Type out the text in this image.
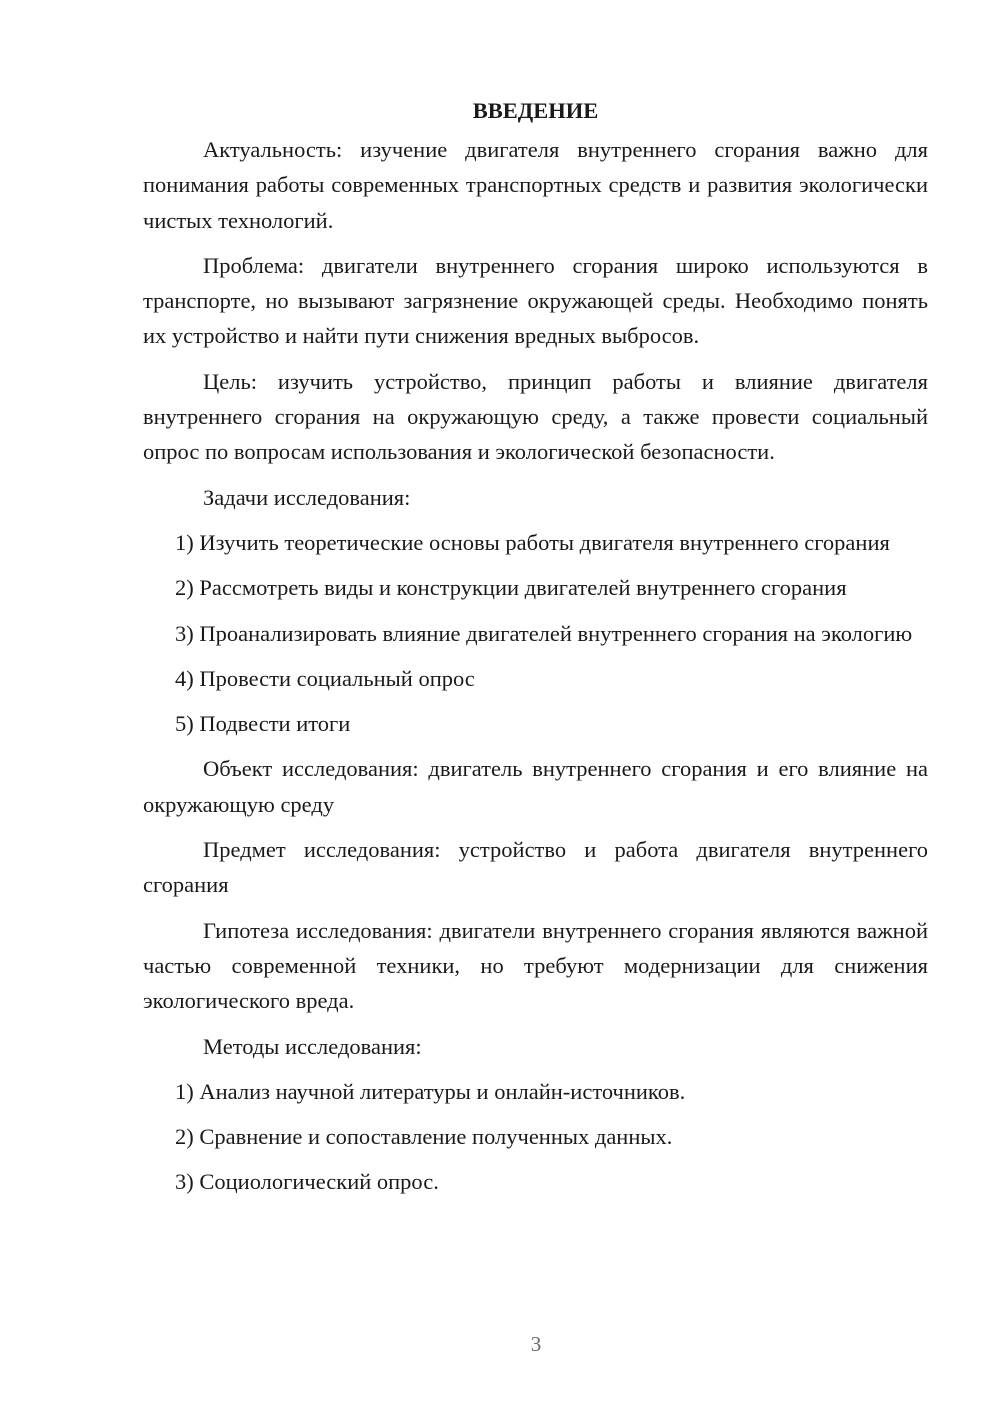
ВВЕДЕНИЕ

Актуальность: изучение двигателя внутреннего сгорания важно для понимания работы современных транспортных средств и развития экологически чистых технологий.

Проблема: двигатели внутреннего сгорания широко используются в транспорте, но вызывают загрязнение окружающей среды. Необходимо понять их устройство и найти пути снижения вредных выбросов.

Цель: изучить устройство, принцип работы и влияние двигателя внутреннего сгорания на окружающую среду, а также провести социальный опрос по вопросам использования и экологической безопасности.

Задачи исследования:

1) Изучить теоретические основы работы двигателя внутреннего сгорания

2) Рассмотреть виды и конструкции двигателей внутреннего сгорания

3) Проанализировать влияние двигателей внутреннего сгорания на экологию

4) Провести социальный опрос

5) Подвести итоги

Объект исследования: двигатель внутреннего сгорания и его влияние на окружающую среду

Предмет исследования: устройство и работа двигателя внутреннего сгорания

Гипотеза исследования: двигатели внутреннего сгорания являются важной частью современной техники, но требуют модернизации для снижения экологического вреда.

Методы исследования:

1) Анализ научной литературы и онлайн-источников.

2) Сравнение и сопоставление полученных данных.

3) Социологический опрос.

3
